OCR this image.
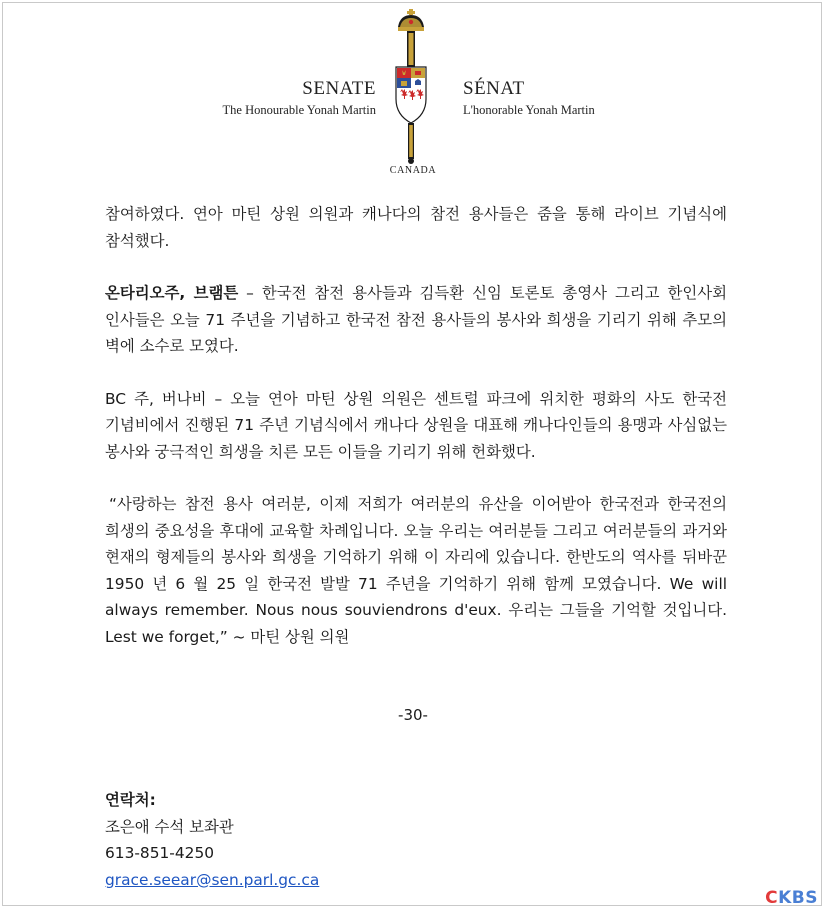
SENATE
The Honourable Yonah Martin
SÉNAT
L'honorable Yonah Martin
CANADA

참여하였다. 연아 마틴 상원 의원과 캐나다의 참전 용사들은 줌을 통해 라이브 기념식에 참석했다.

온타리오주, 브램튼 – 한국전 참전 용사들과 김득환 신임 토론토 총영사 그리고 한인사회 인사들은 오늘 71 주년을 기념하고 한국전 참전 용사들의 봉사와 희생을 기리기 위해 추모의 벽에 소수로 모였다.

BC 주, 버나비 – 오늘 연아 마틴 상원 의원은 센트럴 파크에 위치한 평화의 사도 한국전 기념비에서 진행된 71 주년 기념식에서 캐나다 상원을 대표해 캐나다인들의 용맹과 사심없는 봉사와 궁극적인 희생을 치른 모든 이들을 기리기 위해 헌화했다.

“사랑하는 참전 용사 여러분, 이제 저희가 여러분의 유산을 이어받아 한국전과 한국전의 희생의 중요성을 후대에 교육할 차례입니다. 오늘 우리는 여러분들 그리고 여러분들의 과거와 현재의 형제들의 봉사와 희생을 기억하기 위해 이 자리에 있습니다. 한반도의 역사를 뒤바꾼 1950 년 6 월 25 일 한국전 발발 71 주년을 기억하기 위해 함께 모였습니다. We will always remember. Nous nous souviendrons d'eux. 우리는 그들을 기억할 것입니다. Lest we forget,” ~ 마틴 상원 의원

-30-
연락처:
조은애 수석 보좌관
613-851-4250
grace.seear@sen.parl.gc.ca
CKBS
